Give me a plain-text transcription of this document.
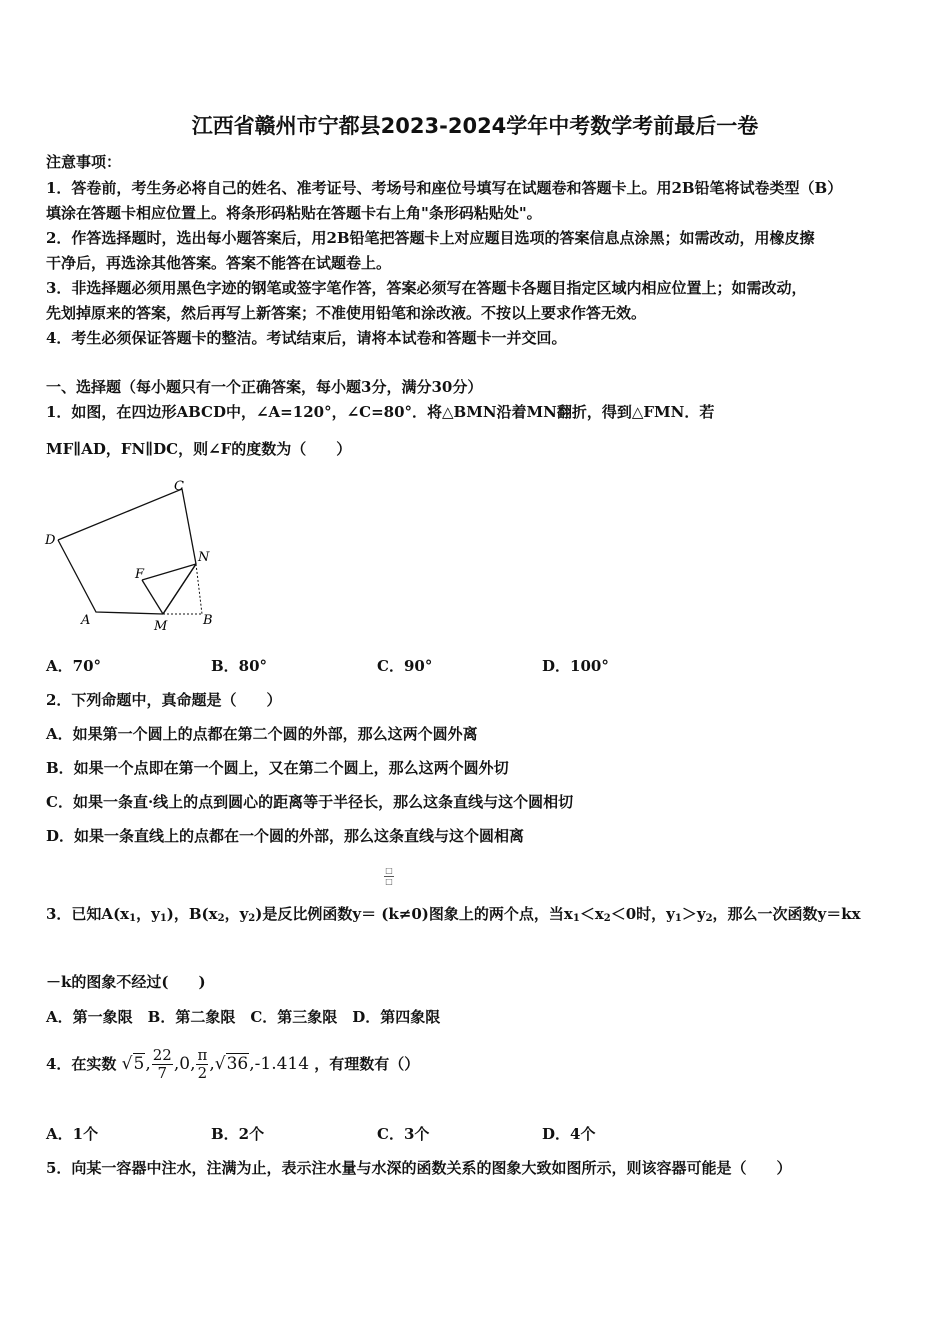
江西省赣州市宁都县2023-2024学年中考数学考前最后一卷
注意事项：
1．答卷前，考生务必将自己的姓名、准考证号、考场号和座位号填写在试题卷和答题卡上。用2B铅笔将试卷类型（B）
填涂在答题卡相应位置上。将条形码粘贴在答题卡右上角"条形码粘贴处"。
2．作答选择题时，选出每小题答案后，用2B铅笔把答题卡上对应题目选项的答案信息点涂黑；如需改动，用橡皮擦
干净后，再选涂其他答案。答案不能答在试题卷上。
3．非选择题必须用黑色字迹的钢笔或签字笔作答，答案必须写在答题卡各题目指定区域内相应位置上；如需改动，
先划掉原来的答案，然后再写上新答案；不准使用铅笔和涂改液。不按以上要求作答无效。
4．考生必须保证答题卡的整洁。考试结束后，请将本试卷和答题卡一并交回。
一、选择题（每小题只有一个正确答案，每小题3分，满分30分）
1．如图，在四边形ABCD中，∠A=120°，∠C=80°．将△BMN沿着MN翻折，得到△FMN．若
MF∥AD，FN∥DC，则∠F的度数为（　　）
C
D
N
F
A	M	B
A．70°	B．80°	C．90°	D．100°
2．下列命题中，真命题是（　　）
A．如果第一个圆上的点都在第二个圆的外部，那么这两个圆外离
B．如果一个点即在第一个圆上，又在第二个圆上，那么这两个圆外切
C．如果一条直·线上的点到圆心的距离等于半径长，那么这条直线与这个圆相切
D．如果一条直线上的点都在一个圆的外部，那么这条直线与这个圆相离
□
□
3．已知$A(x_1$，$y_1$)，$B(x_2$，$y_2$)是反比例函数y＝ (k≠0)图象上的两个点，当$x_1<x_2<0$时，$y_1>y_2$，那么一次函数y＝kx
－k的图象不经过(　　)
A．第一象限　B．第二象限　C．第三象限　D．第四象限
4．在实数 √5, $\frac{22}{7} ,0$, $\frac{\pi}{2} ,√36,-1.414$ ，有理数有（）
A．1个	B．2个	C．3个	D．4个
5．向某一容器中注水，注满为止，表示注水量与水深的函数关系的图象大致如图所示，则该容器可能是（　　）
